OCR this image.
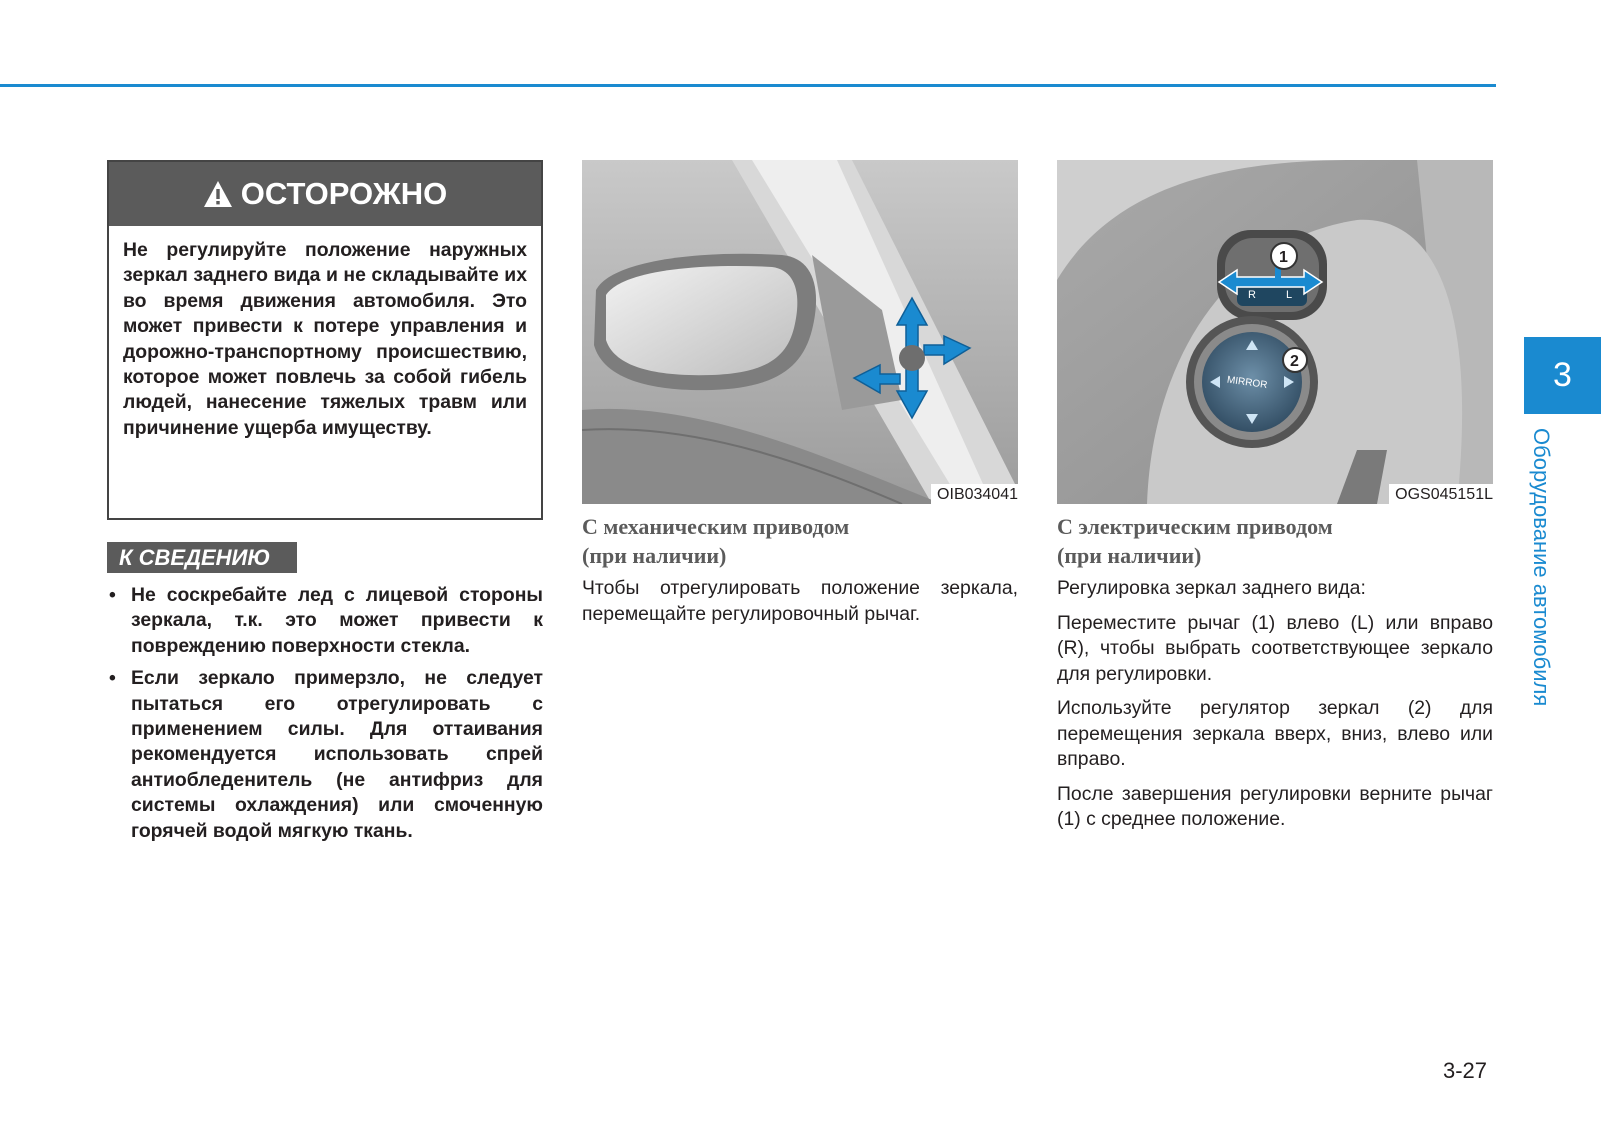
ОСТОРОЖНО
Не регулируйте положение наружных зеркал заднего вида и не складывайте их во время движения автомобиля. Это может привести к потере управления и дорожно-транспортному происшествию, которое может повлечь за собой гибель людей, нанесение тяжелых травм или причинение ущерба имуществу.
К СВЕДЕНИЮ
• Не соскребайте лед с лицевой стороны зеркала, т.к. это может привести к повреждению поверхности стекла.
• Если зеркало примерзло, не следует пытаться его отрегулировать с применением силы. Для оттаивания рекомендуется использовать спрей антиобледенитель (не антифриз для системы охлаждения) или смоченную горячей водой мягкую ткань.
OIB034041
R	L
1
MIRROR
2
OGS045151L
С механическим приводом
(при наличии)

Чтобы отрегулировать положение зеркала, перемещайте регулировочный рычаг.

С электрическим приводом
(при наличии)

Регулировка зеркал заднего вида:

Переместите рычаг (1) влево (L) или вправо (R), чтобы выбрать соответствующее зеркало для регулировки.

Используйте регулятор зеркал (2) для перемещения зеркала вверх, вниз, влево или вправо.

После завершения регулировки верните рычаг (1) с среднее положение.

3
Оборудование автомобиля
3-27
